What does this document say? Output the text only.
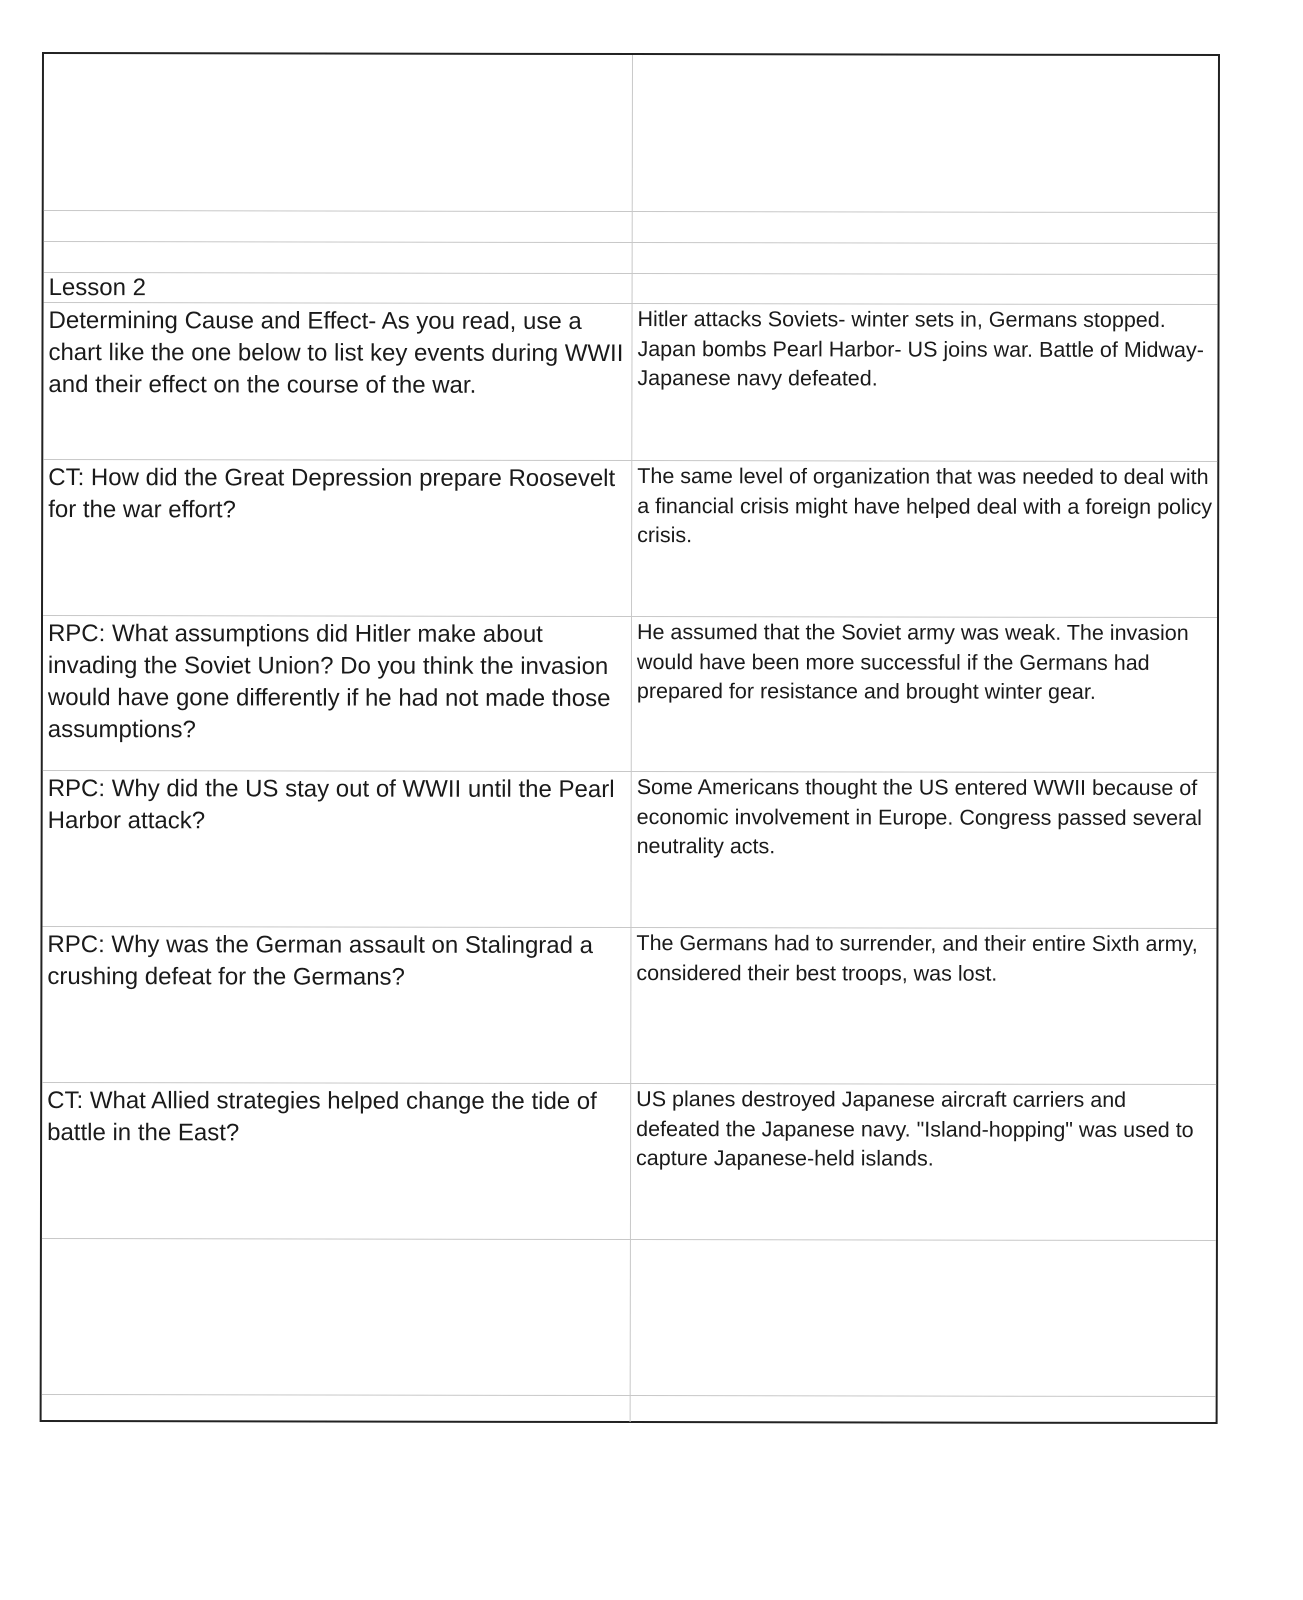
Lesson 2
Determining Cause and Effect- As you read, use a chart like the one below to list key events during WWII and their effect on the course of the war.
Hitler attacks Soviets- winter sets in, Germans stopped. Japan bombs Pearl Harbor- US joins war. Battle of Midway- Japanese navy defeated.
CT: How did the Great Depression prepare Roosevelt for the war effort?
The same level of organization that was needed to deal with a financial crisis might have helped deal with a foreign policy crisis.
RPC: What assumptions did Hitler make about invading the Soviet Union? Do you think the invasion would have gone differently if he had not made those assumptions?
He assumed that the Soviet army was weak. The invasion would have been more successful if the Germans had prepared for resistance and brought winter gear.
RPC: Why did the US stay out of WWII until the Pearl Harbor attack?
Some Americans thought the US entered WWII because of economic involvement in Europe. Congress passed several neutrality acts.
RPC: Why was the German assault on Stalingrad a crushing defeat for the Germans?
The Germans had to surrender, and their entire Sixth army, considered their best troops, was lost.
CT: What Allied strategies helped change the tide of battle in the East?
US planes destroyed Japanese aircraft carriers and defeated the Japanese navy. "Island-hopping" was used to capture Japanese-held islands.
